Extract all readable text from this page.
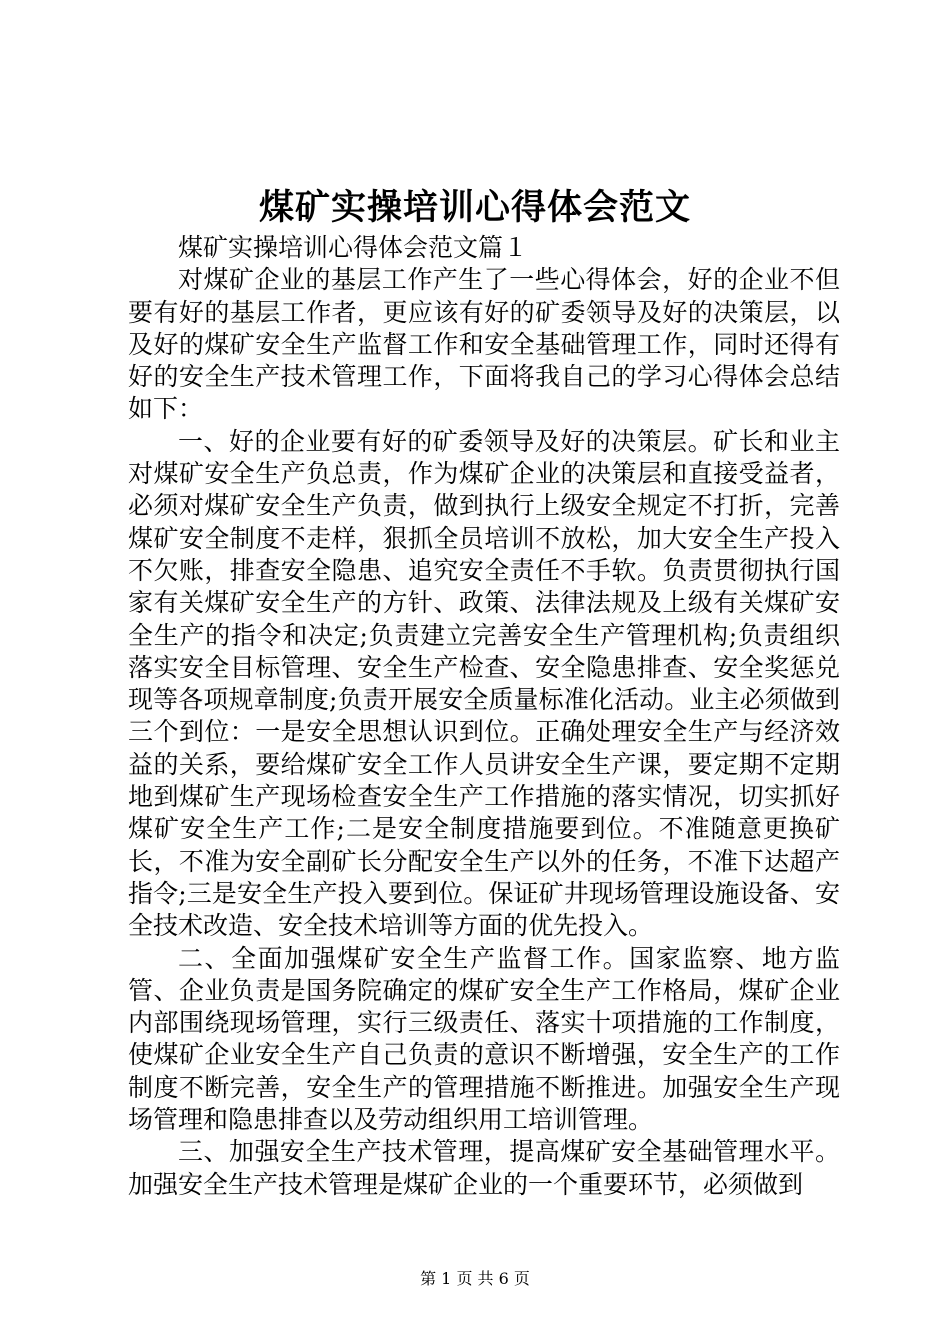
煤矿实操培训心得体会范文

煤矿实操培训心得体会范文篇１

对煤矿企业的基层工作产生了一些心得体会，好的企业不但要有好的基层工作者，更应该有好的矿委领导及好的决策层，以及好的煤矿安全生产监督工作和安全基础管理工作，同时还得有好的安全生产技术管理工作，下面将我自己的学习心得体会总结如下：

一、好的企业要有好的矿委领导及好的决策层。矿长和业主对煤矿安全生产负总责，作为煤矿企业的决策层和直接受益者，必须对煤矿安全生产负责，做到执行上级安全规定不打折，完善煤矿安全制度不走样，狠抓全员培训不放松，加大安全生产投入不欠账，排查安全隐患、追究安全责任不手软。负责贯彻执行国家有关煤矿安全生产的方针、政策、法律法规及上级有关煤矿安全生产的指令和决定;负责建立完善安全生产管理机构;负责组织落实安全目标管理、安全生产检查、安全隐患排查、安全奖惩兑现等各项规章制度;负责开展安全质量标准化活动。业主必须做到三个到位：一是安全思想认识到位。正确处理安全生产与经济效益的关系，要给煤矿安全工作人员讲安全生产课，要定期不定期地到煤矿生产现场检查安全生产工作措施的落实情况，切实抓好煤矿安全生产工作;二是安全制度措施要到位。不准随意更换矿长，不准为安全副矿长分配安全生产以外的任务，不准下达超产指令;三是安全生产投入要到位。保证矿井现场管理设施设备、安全技术改造、安全技术培训等方面的优先投入。

二、全面加强煤矿安全生产监督工作。国家监察、地方监管、企业负责是国务院确定的煤矿安全生产工作格局，煤矿企业内部围绕现场管理，实行三级责任、落实十项措施的工作制度，使煤矿企业安全生产自己负责的意识不断增强，安全生产的工作制度不断完善，安全生产的管理措施不断推进。加强安全生产现场管理和隐患排查以及劳动组织用工培训管理。

三、加强安全生产技术管理，提高煤矿安全基础管理水平。加强安全生产技术管理是煤矿企业的一个重要环节，必须做到

第 1 页 共 6 页
